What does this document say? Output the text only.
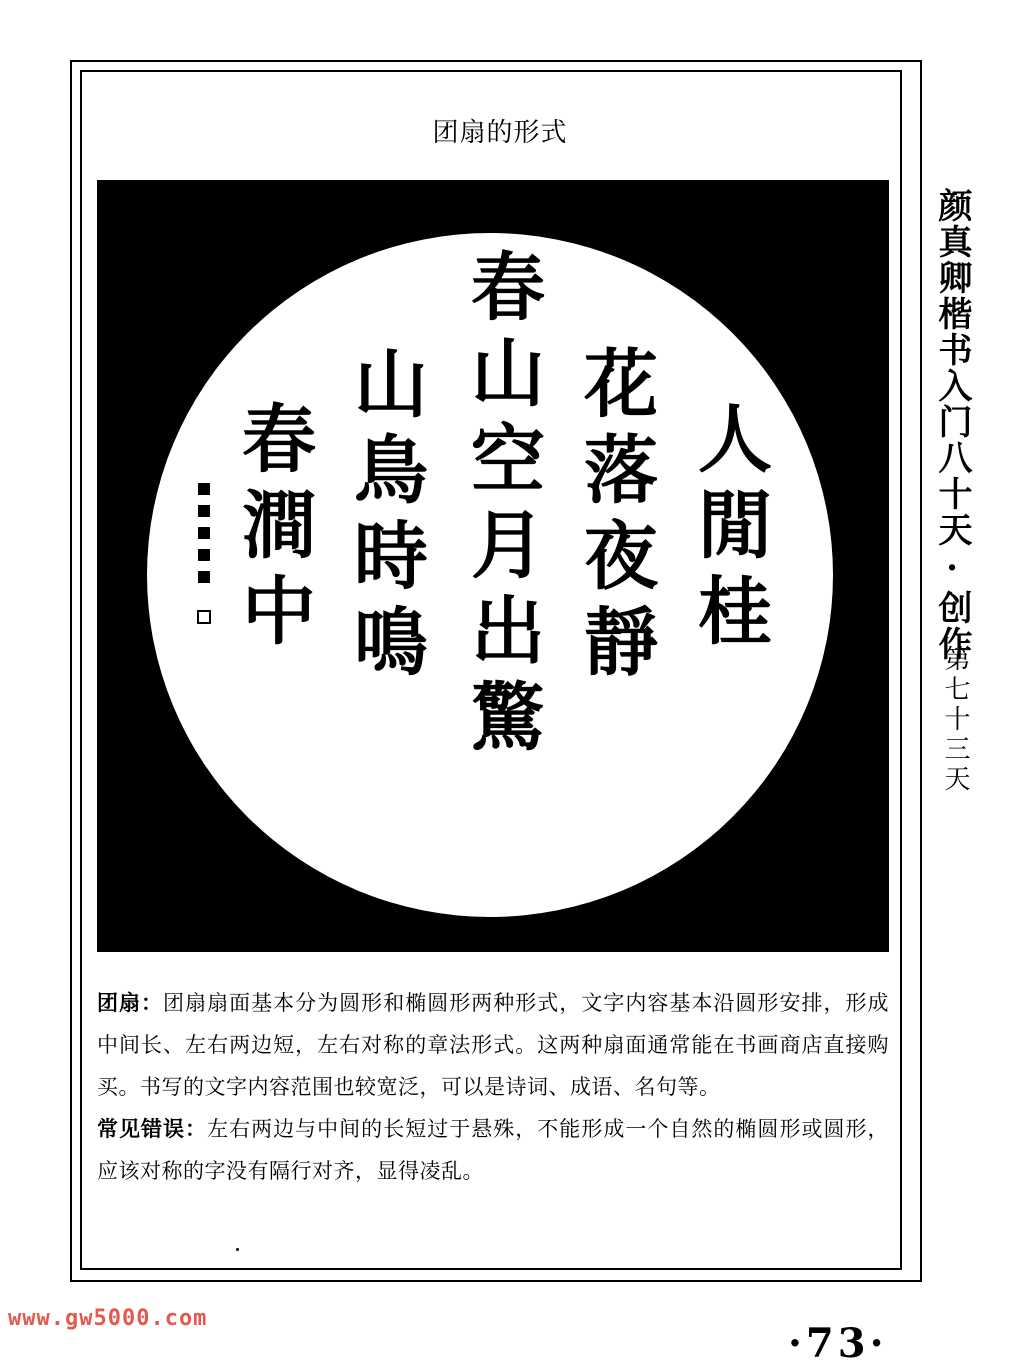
团扇的形式
人閒桂
花落夜靜
春山空月出驚
山鳥時鳴
春澗中	颜真卿楷书入门八十天·创作
第七十三天

团扇：团扇扇面基本分为圆形和椭圆形两种形式，文字内容基本沿圆形安排，形成中间长、左右两边短，左右对称的章法形式。这两种扇面通常能在书画商店直接购买。书写的文字内容范围也较宽泛，可以是诗词、成语、名句等。

常见错误：左右两边与中间的长短过于悬殊，不能形成一个自然的椭圆形或圆形，应该对称的字没有隔行对齐，显得凌乱。

www.gw5000.com
·73·
